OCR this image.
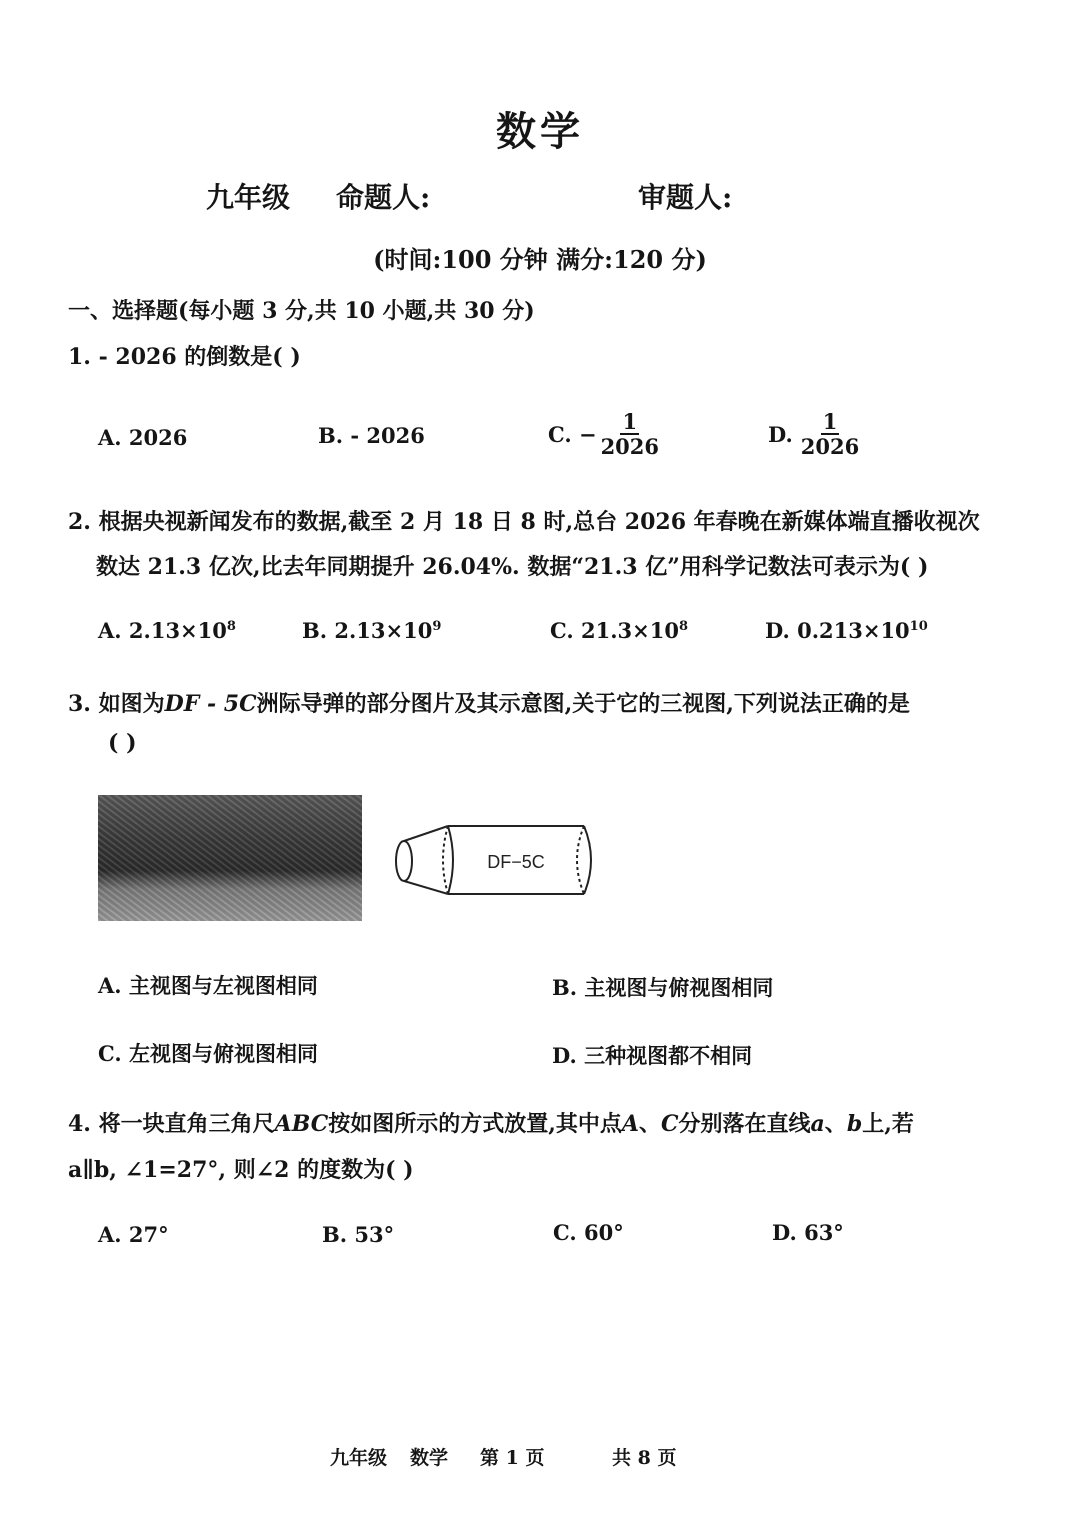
数学
九年级 命题人:	审题人:
(时间:100 分钟 满分:120 分)
一、选择题(每小题 3 分,共 10 小题,共 30 分)
1. - 2026 的倒数是( )
A. 2026	B. - 2026	C. − $\frac{1}{2026}$	D. $\frac{1}{2026}$
2. 根据央视新闻发布的数据,截至 2 月 18 日 8 时,总台 2026 年春晚在新媒体端直播收视次
数达 21.3 亿次,比去年同期提升 26.04%. 数据“21.3 亿”用科学记数法可表示为( )
A. $2.13\times 10^8$	B. $2.13\times 10^9$	C. $21.3\times 10^8$	D. $0.213\times 10^{10}$
3. 如图为DF - 5C洲际导弹的部分图片及其示意图,关于它的三视图,下列说法正确的是
( )
DF−5C
A. 主视图与左视图相同	B. 主视图与俯视图相同
C. 左视图与俯视图相同	D. 三种视图都不相同
4. 将一块直角三角尺ABC按如图所示的方式放置,其中点A、C分别落在直线a、b上,若
a∥b, ∠1=27°, 则∠2 的度数为( )
A. 27°	B. 53°	C. 60°	D. 63°
九年级 数学 第 1 页	共 8 页
